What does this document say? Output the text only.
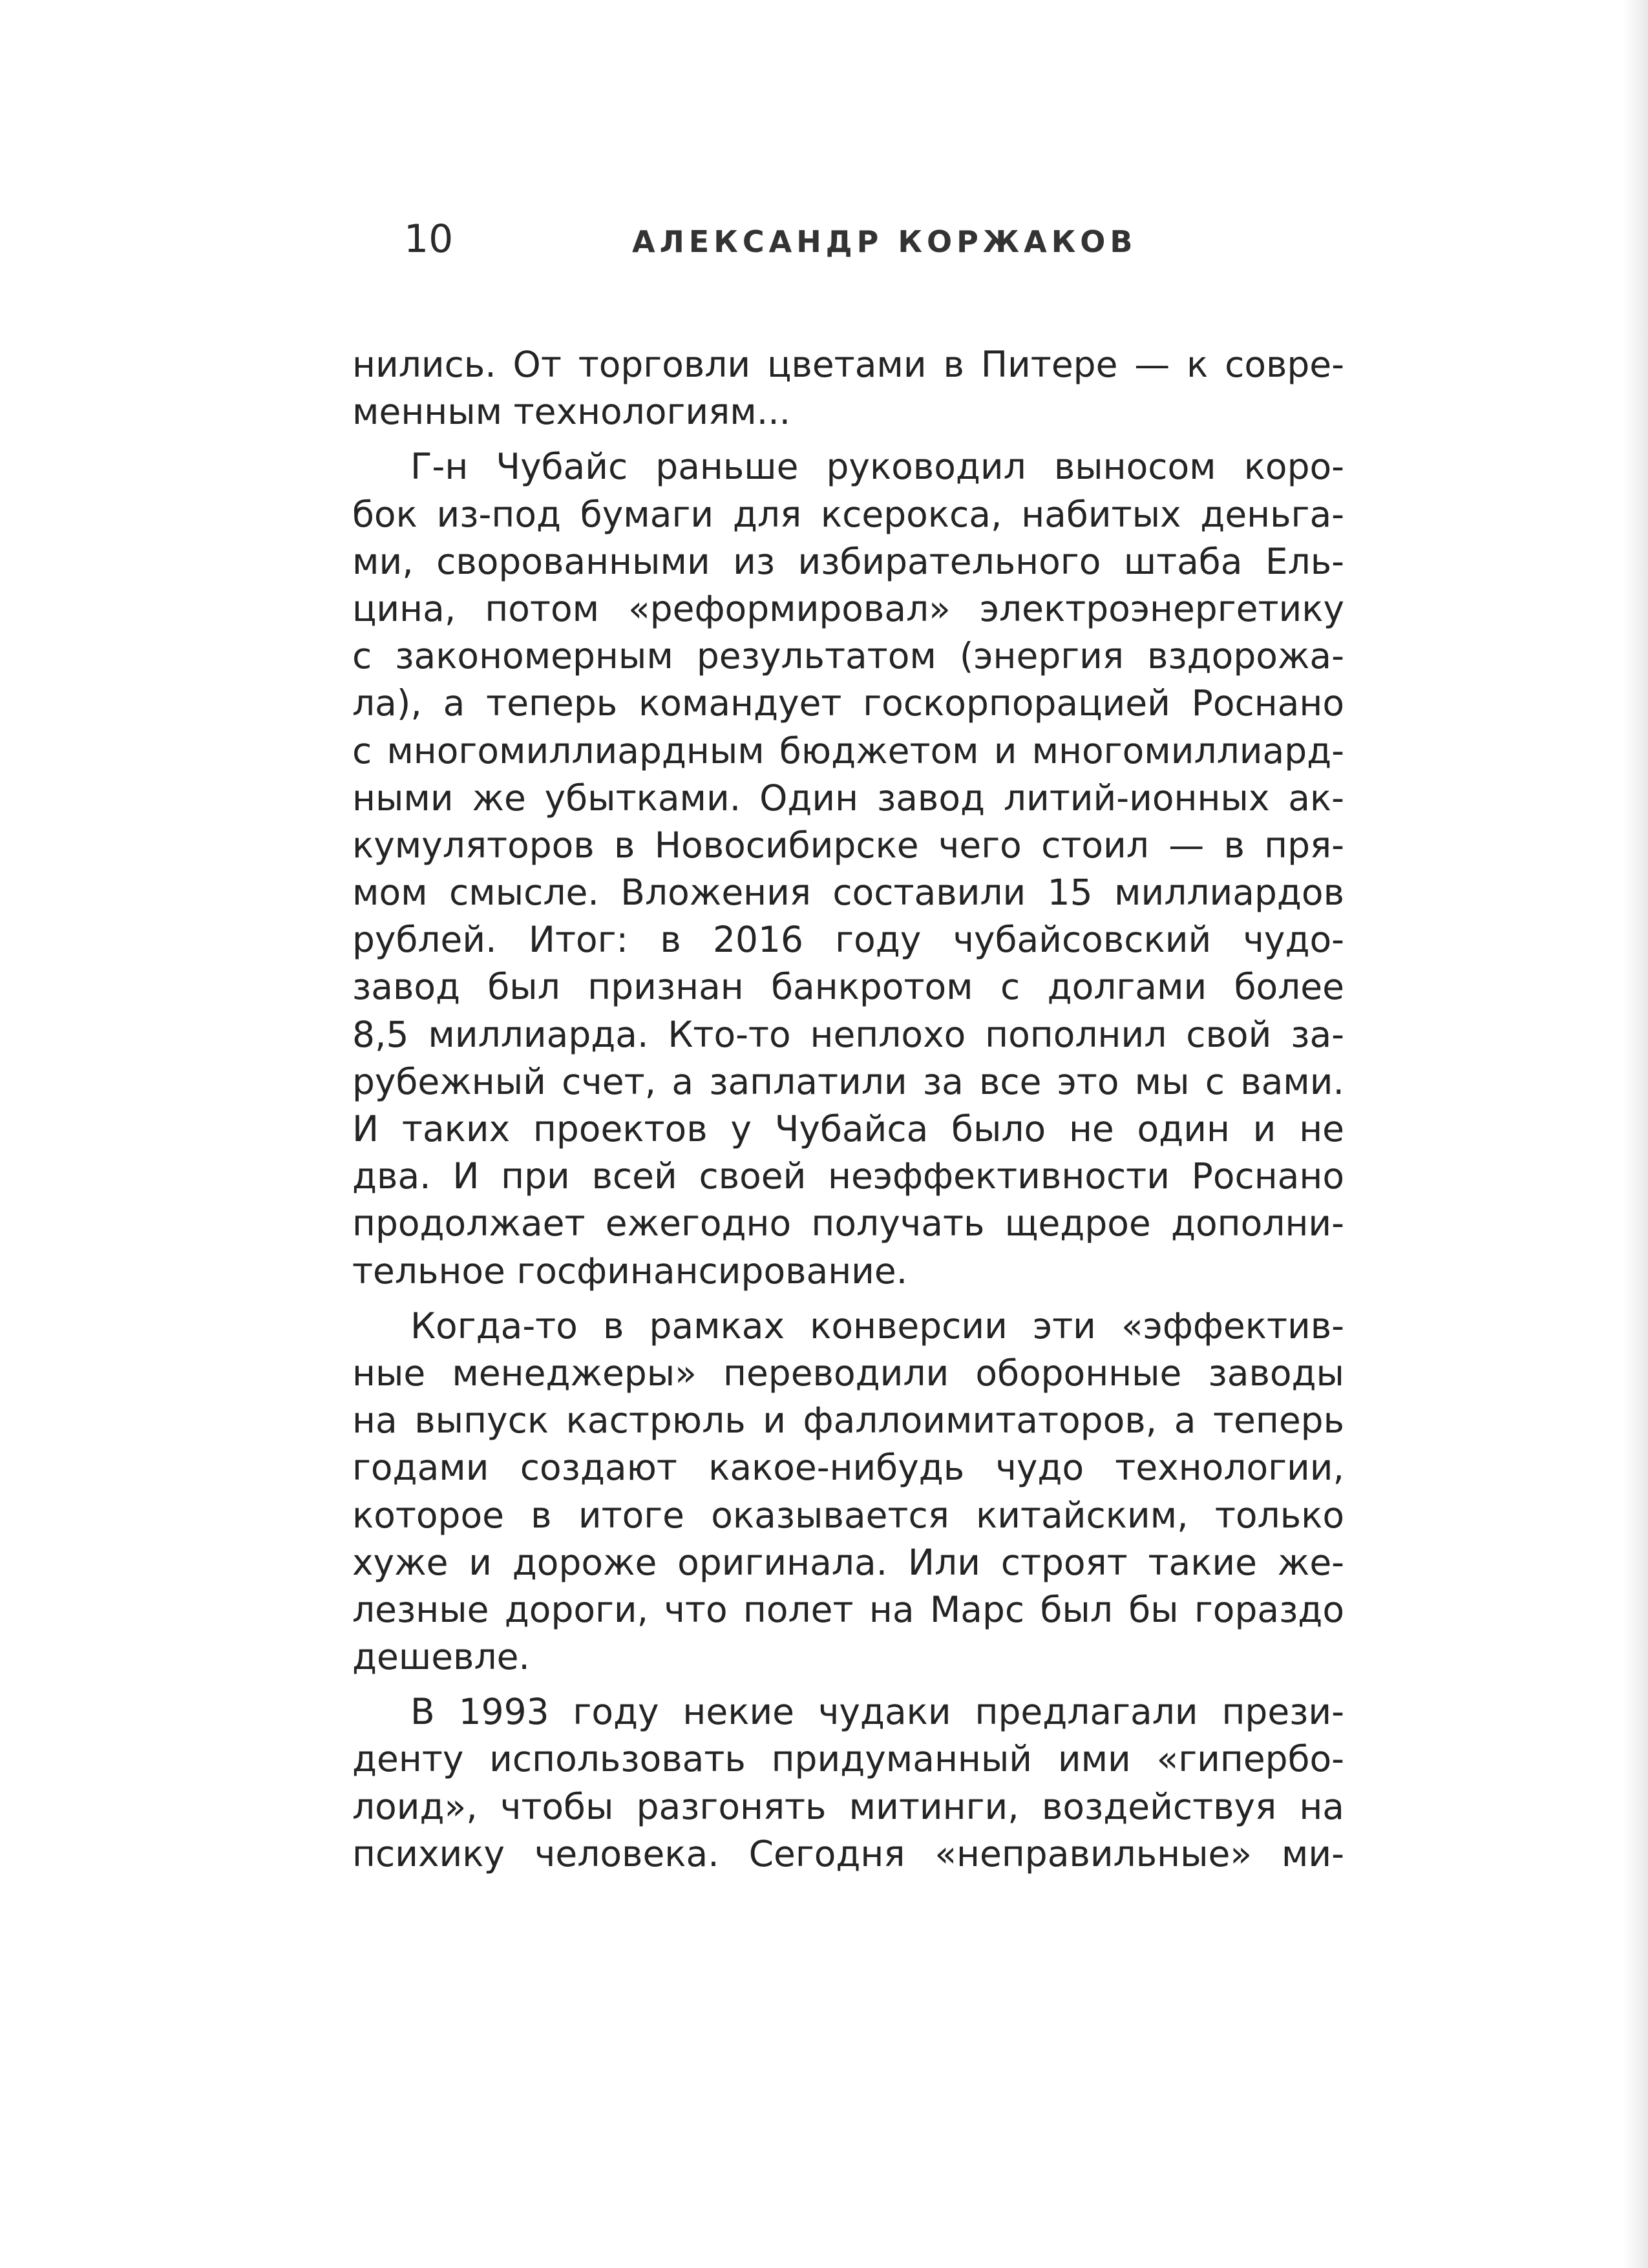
10	АЛЕКСАНДР КОРЖАКОВ
нились. От торговли цветами в Питере — к совре-
менным технологиям...
Г-н Чубайс раньше руководил выносом коро-
бок из-под бумаги для ксерокса, набитых деньга-
ми, своpoванными из избирательного штаба Ель-
цина, потом «реформировал» электроэнергетику
с закономерным результатом (энергия вздорожа-
ла), а теперь командует госкорпорацией Роснано
с многомиллиардным бюджетом и многомиллиард-
ными же убытками. Один завод литий-ионных ак-
кумуляторов в Новосибирске чего стоил — в пря-
мом смысле. Вложения составили 15 миллиардов
рублей. Итог: в 2016 году чубайсовский чудо-
завод был признан банкротом с долгами более
8,5 миллиарда. Кто-то неплохо пополнил свой за-
рубежный счет, а заплатили за все это мы с вами.
И таких проектов у Чубайса было не один и не
два. И при всей своей неэффективности Роснано
продолжает ежегодно получать щедрое дополни-
тельное госфинансирование.
Когда-то в рамках конверсии эти «эффектив-
ные менеджеры» переводили оборонные заводы
на выпуск кастрюль и фаллоимитаторов, а теперь
годами создают какое-нибудь чудо технологии,
которое в итоге оказывается китайским, только
хуже и дороже оригинала. Или строят такие же-
лезные дороги, что полет на Марс был бы гораздо
дешевле.
В 1993 году некие чудаки предлагали прези-
денту использовать придуманный ими «гипербо-
лоид», чтобы разгонять митинги, воздействуя на
психику человека. Сегодня «неправильные» ми-
